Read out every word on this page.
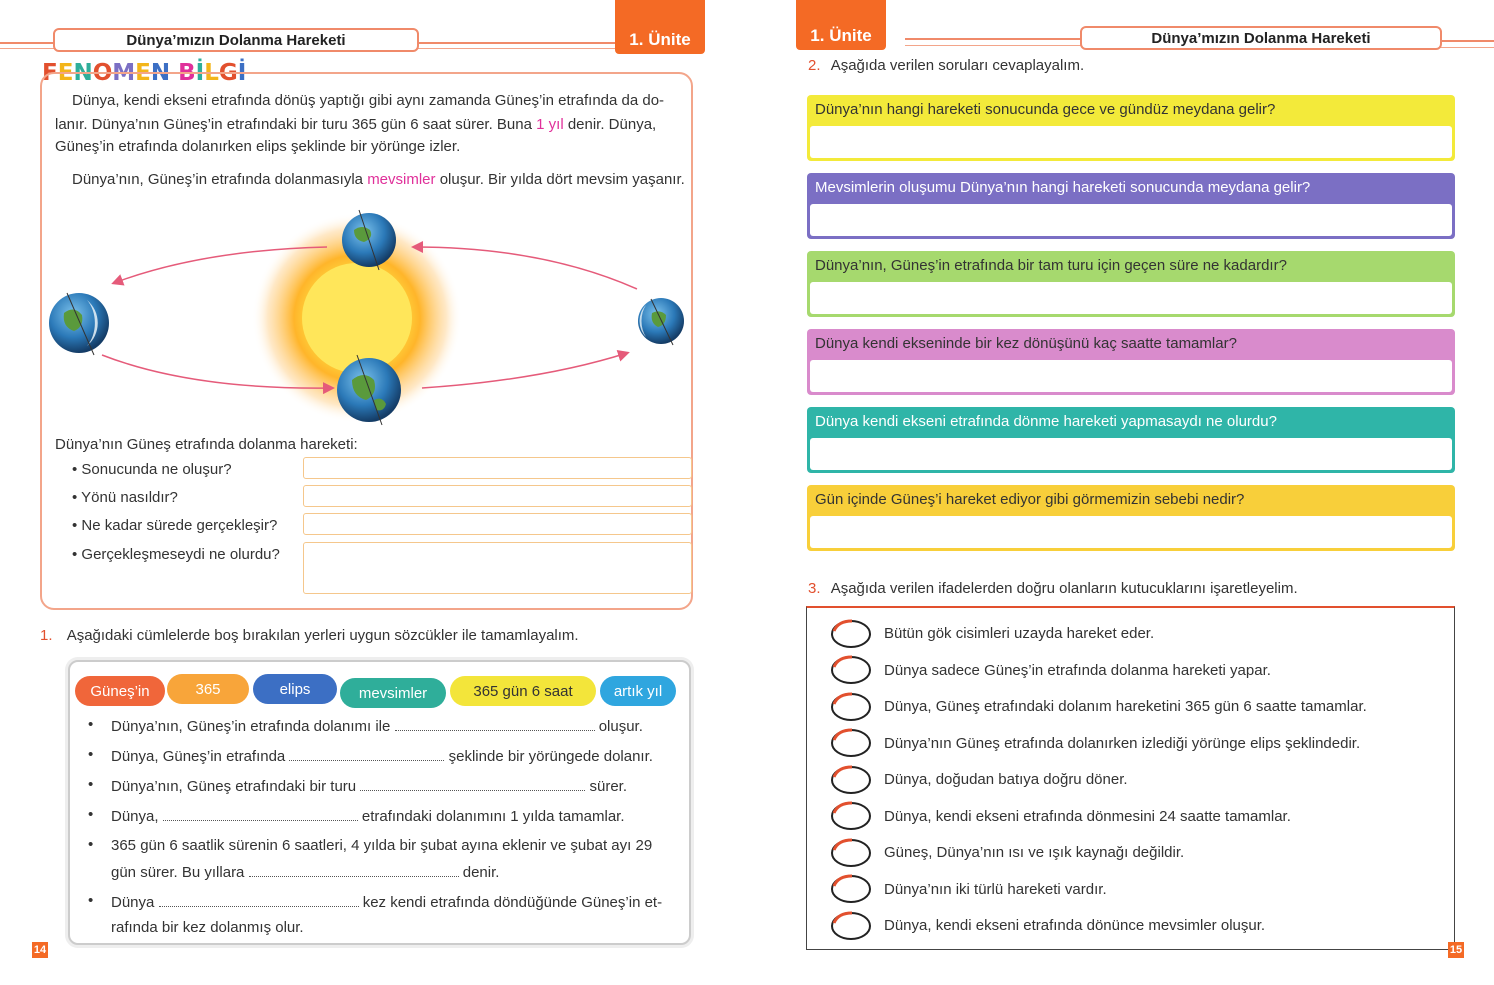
Dünya’mızın Dolanma Hareketi	1. Ünite
FENOMEN BİLGİ
Dünya, kendi ekseni etrafında dönüş yaptığı gibi aynı zamanda Güneş’in etrafında da do-
lanır. Dünya’nın Güneş’in etrafındaki bir turu 365 gün 6 saat sürer. Buna 1 yıl denir. Dünya,
Güneş’in etrafında dolanırken elips şeklinde bir yörünge izler.
Dünya’nın, Güneş’in etrafında dolanmasıyla mevsimler oluşur. Bir yılda dört mevsim yaşanır.
Dünya’nın Güneş etrafında dolanma hareketi:
• Sonucunda ne oluşur?
• Yönü nasıldır?
• Ne kadar sürede gerçekleşir?
• Gerçekleşmeseydi ne olurdu?
1. Aşağıdaki cümlelerde boş bırakılan yerleri uygun sözcükler ile tamamlayalım.
Güneş’in	365	elips	mevsimler	365 gün 6 saat	artık yıl
• Dünya’nın, Güneş’in etrafında dolanımı ile	oluşur.
• Dünya, Güneş’in etrafında	şeklinde bir yörüngede dolanır.
• Dünya’nın, Güneş etrafındaki bir turu	sürer.
• Dünya,	etrafındaki dolanımını 1 yılda tamamlar.
• 365 gün 6 saatlik sürenin 6 saatleri, 4 yılda bir şubat ayına eklenir ve şubat ayı 29
gün sürer. Bu yıllara	denir.
• Dünya	kez kendi etrafında döndüğünde Güneş’in et-
rafında bir kez dolanmış olur.
14
1. Ünite	Dünya’mızın Dolanma Hareketi
2. Aşağıda verilen soruları cevaplayalım.
Dünya’nın hangi hareketi sonucunda gece ve gündüz meydana gelir?
Mevsimlerin oluşumu Dünya’nın hangi hareketi sonucunda meydana gelir?
Dünya’nın, Güneş’in etrafında bir tam turu için geçen süre ne kadardır?
Dünya kendi ekseninde bir kez dönüşünü kaç saatte tamamlar?
Dünya kendi ekseni etrafında dönme hareketi yapmasaydı ne olurdu?
Gün içinde Güneş’i hareket ediyor gibi görmemizin sebebi nedir?
3. Aşağıda verilen ifadelerden doğru olanların kutucuklarını işaretleyelim.
Bütün gök cisimleri uzayda hareket eder.
Dünya sadece Güneş’in etrafında dolanma hareketi yapar.
Dünya, Güneş etrafındaki dolanım hareketini 365 gün 6 saatte tamamlar.
Dünya’nın Güneş etrafında dolanırken izlediği yörünge elips şeklindedir.
Dünya, doğudan batıya doğru döner.
Dünya, kendi ekseni etrafında dönmesini 24 saatte tamamlar.
Güneş, Dünya’nın ısı ve ışık kaynağı değildir.
Dünya’nın iki türlü hareketi vardır.
Dünya, kendi ekseni etrafında dönünce mevsimler oluşur.
15
